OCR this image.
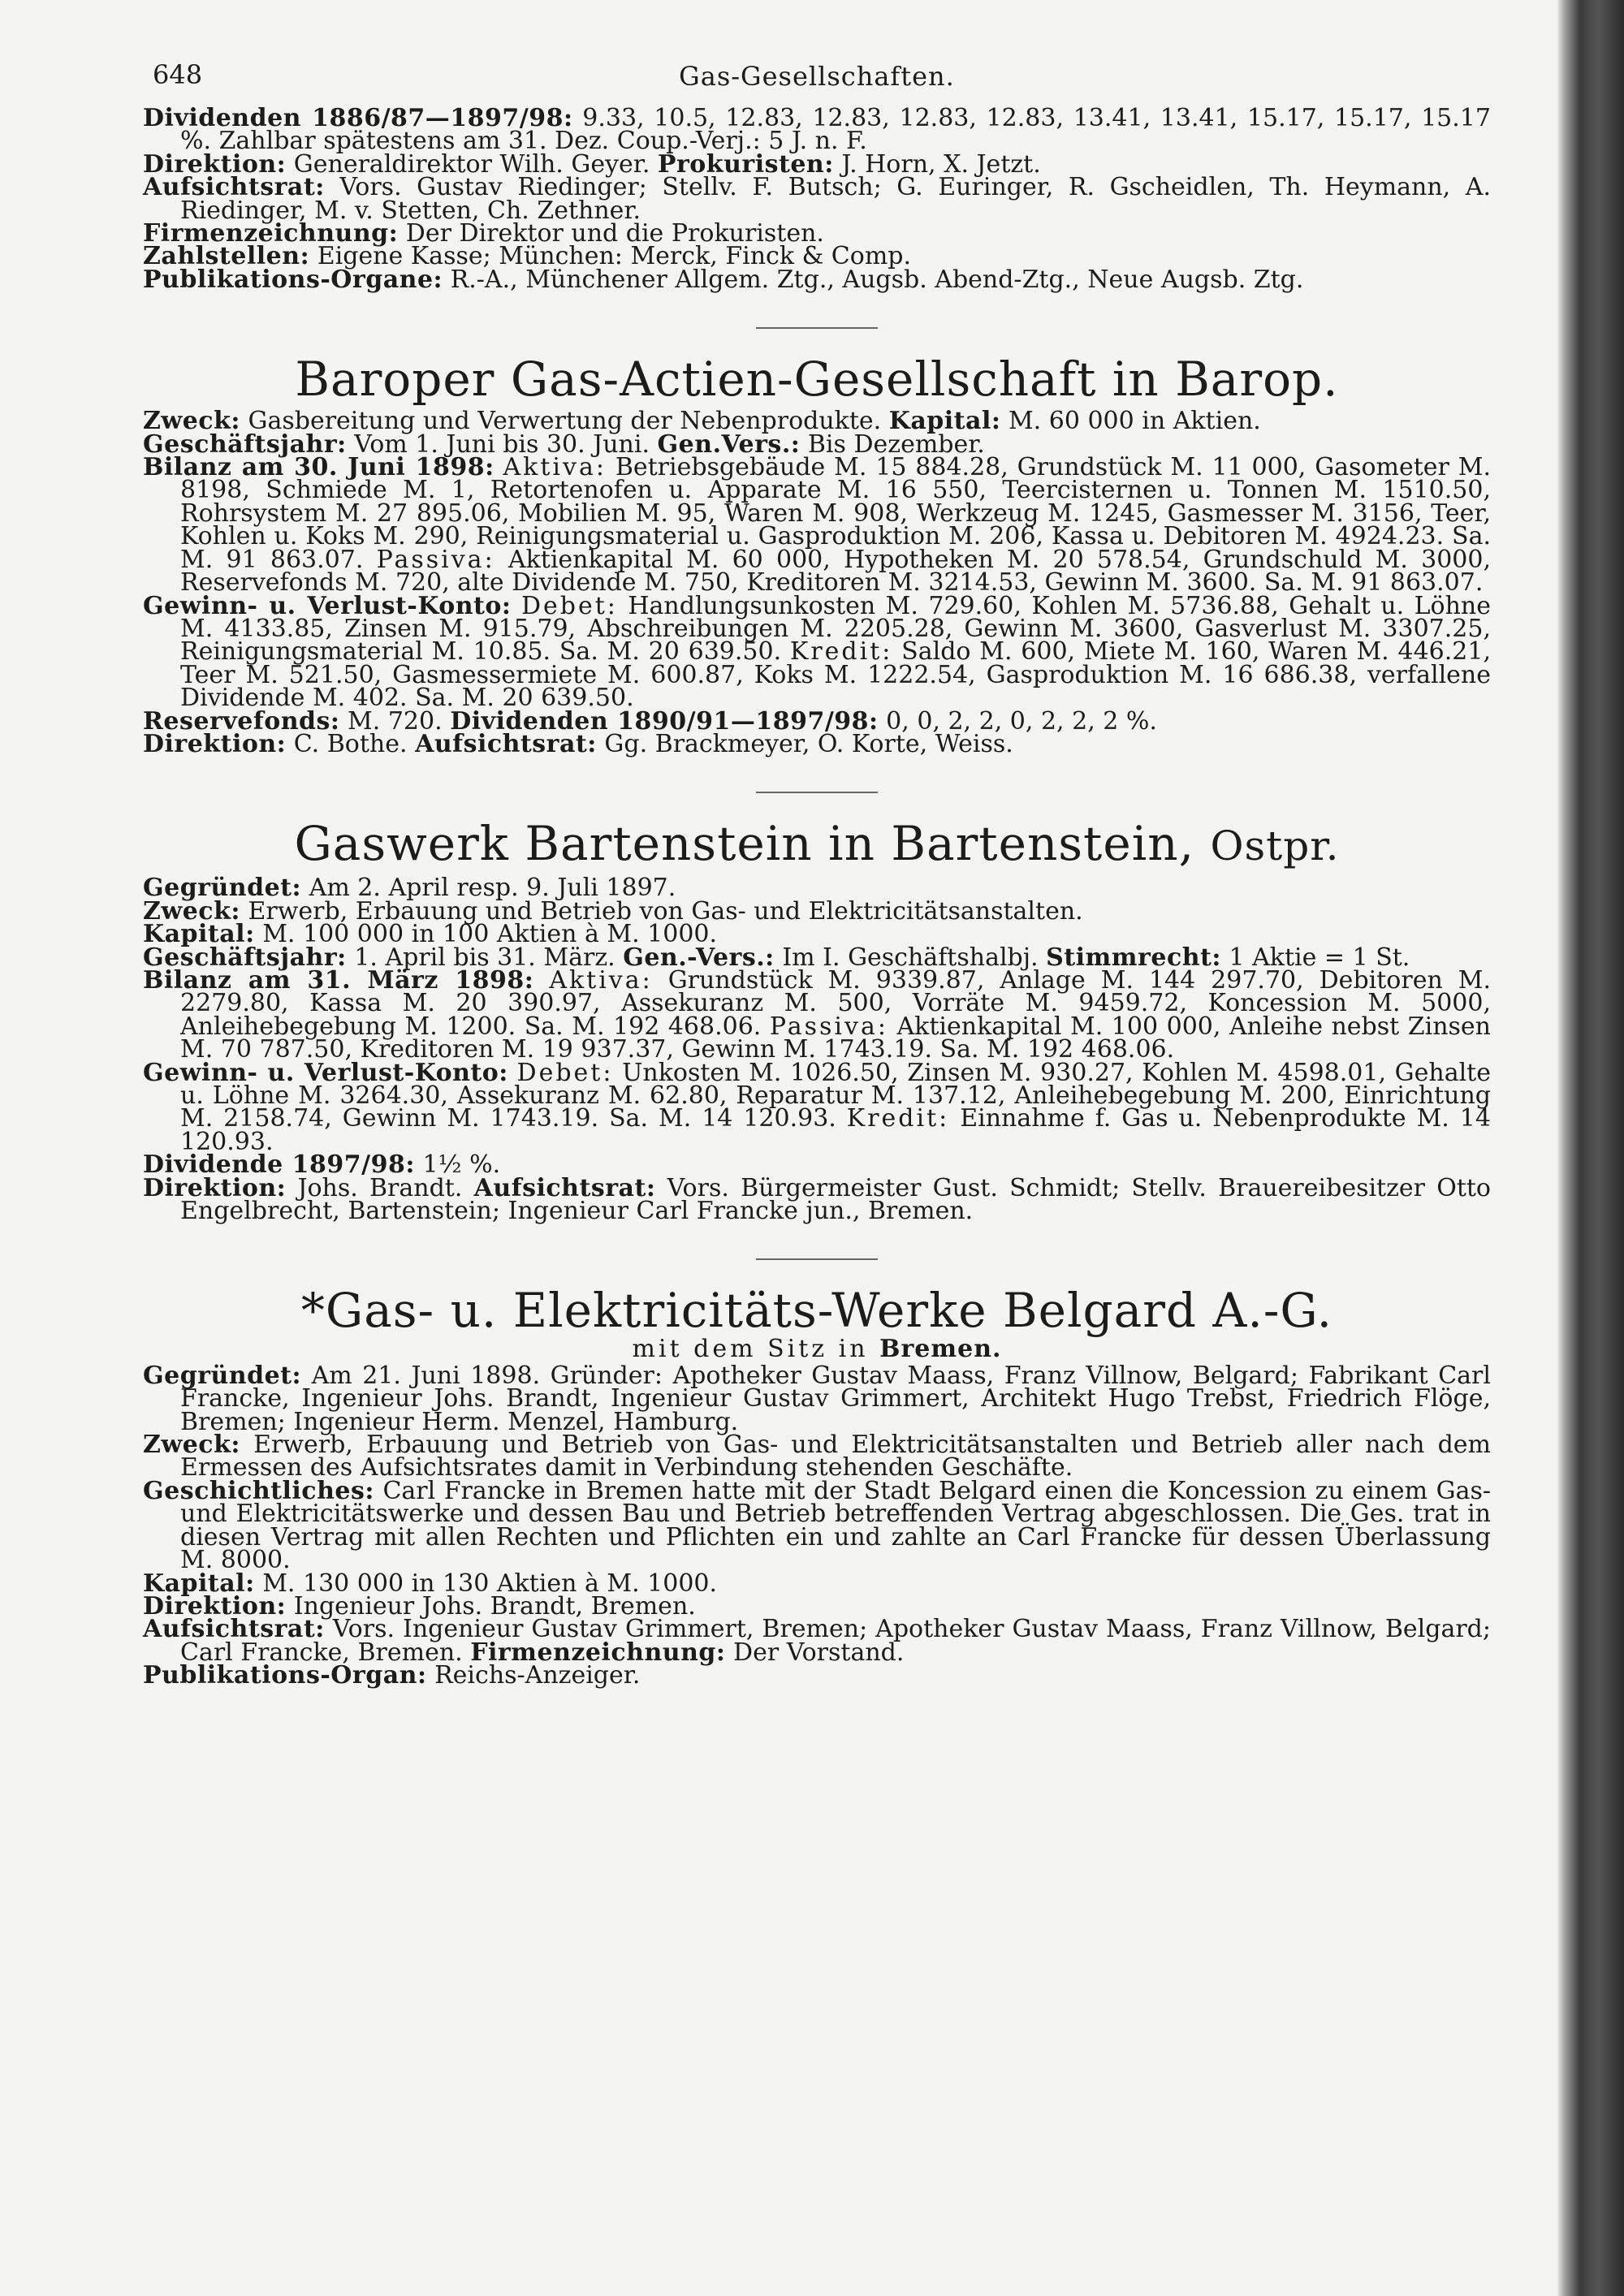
648	Gas-Gesellschaften.

Dividenden 1886/87—1897/98: 9.33, 10.5, 12.83, 12.83, 12.83, 12.83, 13.41, 13.41, 15.17, 15.17, 15.17 %. Zahlbar spätestens am 31. Dez. Coup.-Verj.: 5 J. n. F.

Direktion: Generaldirektor Wilh. Geyer. Prokuristen: J. Horn, X. Jetzt.

Aufsichtsrat: Vors. Gustav Riedinger; Stellv. F. Butsch; G. Euringer, R. Gscheidlen, Th. Heymann, A. Riedinger, M. v. Stetten, Ch. Zethner.

Firmenzeichnung: Der Direktor und die Prokuristen.

Zahlstellen: Eigene Kasse; München: Merck, Finck & Comp.

Publikations-Organe: R.-A., Münchener Allgem. Ztg., Augsb. Abend-Ztg., Neue Augsb. Ztg.

Baroper Gas-Actien-Gesellschaft in Barop.

Zweck: Gasbereitung und Verwertung der Nebenprodukte. Kapital: M. 60 000 in Aktien.

Geschäftsjahr: Vom 1. Juni bis 30. Juni. Gen.Vers.: Bis Dezember.

Bilanz am 30. Juni 1898: Aktiva: Betriebsgebäude M. 15 884.28, Grundstück M. 11 000, Gasometer M. 8198, Schmiede M. 1, Retortenofen u. Apparate M. 16 550, Teercisternen u. Tonnen M. 1510.50, Rohrsystem M. 27 895.06, Mobilien M. 95, Waren M. 908, Werkzeug M. 1245, Gasmesser M. 3156, Teer, Kohlen u. Koks M. 290, Reinigungsmaterial u. Gasproduktion M. 206, Kassa u. Debitoren M. 4924.23. Sa. M. 91 863.07. Passiva: Aktienkapital M. 60 000, Hypotheken M. 20 578.54, Grundschuld M. 3000, Reservefonds M. 720, alte Dividende M. 750, Kreditoren M. 3214.53, Gewinn M. 3600. Sa. M. 91 863.07.

Gewinn- u. Verlust-Konto: Debet: Handlungsunkosten M. 729.60, Kohlen M. 5736.88, Gehalt u. Löhne M. 4133.85, Zinsen M. 915.79, Abschreibungen M. 2205.28, Gewinn M. 3600, Gasverlust M. 3307.25, Reinigungsmaterial M. 10.85. Sa. M. 20 639.50. Kredit: Saldo M. 600, Miete M. 160, Waren M. 446.21, Teer M. 521.50, Gasmessermiete M. 600.87, Koks M. 1222.54, Gasproduktion M. 16 686.38, verfallene Dividende M. 402. Sa. M. 20 639.50.

Reservefonds: M. 720. Dividenden 1890/91—1897/98: 0, 0, 2, 2, 0, 2, 2, 2 %.

Direktion: C. Bothe. Aufsichtsrat: Gg. Brackmeyer, O. Korte, Weiss.

Gaswerk Bartenstein in Bartenstein, Ostpr.

Gegründet: Am 2. April resp. 9. Juli 1897.

Zweck: Erwerb, Erbauung und Betrieb von Gas- und Elektricitätsanstalten.

Kapital: M. 100 000 in 100 Aktien à M. 1000.

Geschäftsjahr: 1. April bis 31. März. Gen.-Vers.: Im I. Geschäftshalbj. Stimmrecht: 1 Aktie = 1 St.

Bilanz am 31. März 1898: Aktiva: Grundstück M. 9339.87, Anlage M. 144 297.70, Debitoren M. 2279.80, Kassa M. 20 390.97, Assekuranz M. 500, Vorräte M. 9459.72, Koncession M. 5000, Anleihebegebung M. 1200. Sa. M. 192 468.06. Passiva: Aktienkapital M. 100 000, Anleihe nebst Zinsen M. 70 787.50, Kreditoren M. 19 937.37, Gewinn M. 1743.19. Sa. M. 192 468.06.

Gewinn- u. Verlust-Konto: Debet: Unkosten M. 1026.50, Zinsen M. 930.27, Kohlen M. 4598.01, Gehalte u. Löhne M. 3264.30, Assekuranz M. 62.80, Reparatur M. 137.12, Anleihebegebung M. 200, Einrichtung M. 2158.74, Gewinn M. 1743.19. Sa. M. 14 120.93. Kredit: Einnahme f. Gas u. Nebenprodukte M. 14 120.93.

Dividende 1897/98: 1½ %.

Direktion: Johs. Brandt. Aufsichtsrat: Vors. Bürgermeister Gust. Schmidt; Stellv. Brauereibesitzer Otto Engelbrecht, Bartenstein; Ingenieur Carl Francke jun., Bremen.

*Gas- u. Elektricitäts-Werke Belgard A.-G.
mit dem Sitz in Bremen.

Gegründet: Am 21. Juni 1898. Gründer: Apotheker Gustav Maass, Franz Villnow, Belgard; Fabrikant Carl Francke, Ingenieur Johs. Brandt, Ingenieur Gustav Grimmert, Architekt Hugo Trebst, Friedrich Flöge, Bremen; Ingenieur Herm. Menzel, Hamburg.

Zweck: Erwerb, Erbauung und Betrieb von Gas- und Elektricitätsanstalten und Betrieb aller nach dem Ermessen des Aufsichtsrates damit in Verbindung stehenden Geschäfte.

Geschichtliches: Carl Francke in Bremen hatte mit der Stadt Belgard einen die Koncession zu einem Gas- und Elektricitätswerke und dessen Bau und Betrieb betreffenden Vertrag abgeschlossen. Die Ges. trat in diesen Vertrag mit allen Rechten und Pflichten ein und zahlte an Carl Francke für dessen Überlassung M. 8000.

Kapital: M. 130 000 in 130 Aktien à M. 1000.

Direktion: Ingenieur Johs. Brandt, Bremen.

Aufsichtsrat: Vors. Ingenieur Gustav Grimmert, Bremen; Apotheker Gustav Maass, Franz Villnow, Belgard; Carl Francke, Bremen. Firmenzeichnung: Der Vorstand.

Publikations-Organ: Reichs-Anzeiger.
